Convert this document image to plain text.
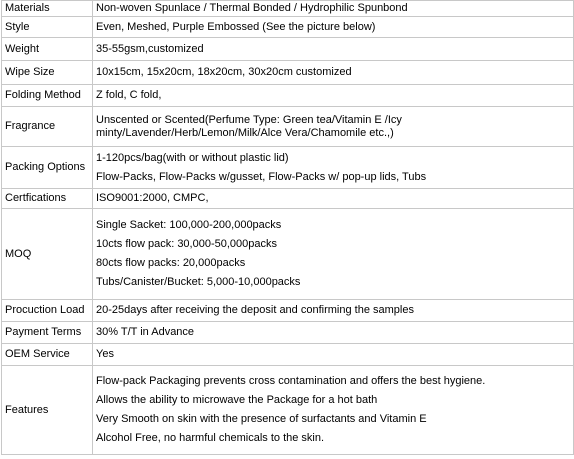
Materials	Non-woven Spunlace / Thermal Bonded / Hydrophilic Spunbond
Style	Even, Meshed, Purple Embossed (See the picture below)
Weight	35-55gsm,customized
Wipe Size	10x15cm, 15x20cm, 18x20cm, 30x20cm customized
Folding Method	Z fold, C fold,
Fragrance	Unscented or Scented(Perfume Type: Green tea/Vitamin E /Icy
minty/Lavender/Herb/Lemon/Milk/Alce Vera/Chamomile etc.,)

Packing Options	1-120pcs/bag(with or without plastic lid)
Flow-Packs, Flow-Packs w/gusset, Flow-Packs w/ pop-up lids, Tubs

Certfications	ISO9001:2000, CMPC,
MOQ	Single Sacket: 100,000-200,000packs
10cts flow pack: 30,000-50,000packs
80cts flow packs: 20,000packs
Tubs/Canister/Bucket: 5,000-10,000packs

Procuction Load	20-25days after receiving the deposit and confirming the samples
Payment Terms	30% T/T in Advance
OEM Service	Yes
Features	Flow-pack Packaging prevents cross contamination and offers the best hygiene.
Allows the ability to microwave the Package for a hot bath
Very Smooth on skin with the presence of surfactants and Vitamin E
Alcohol Free, no harmful chemicals to the skin.
